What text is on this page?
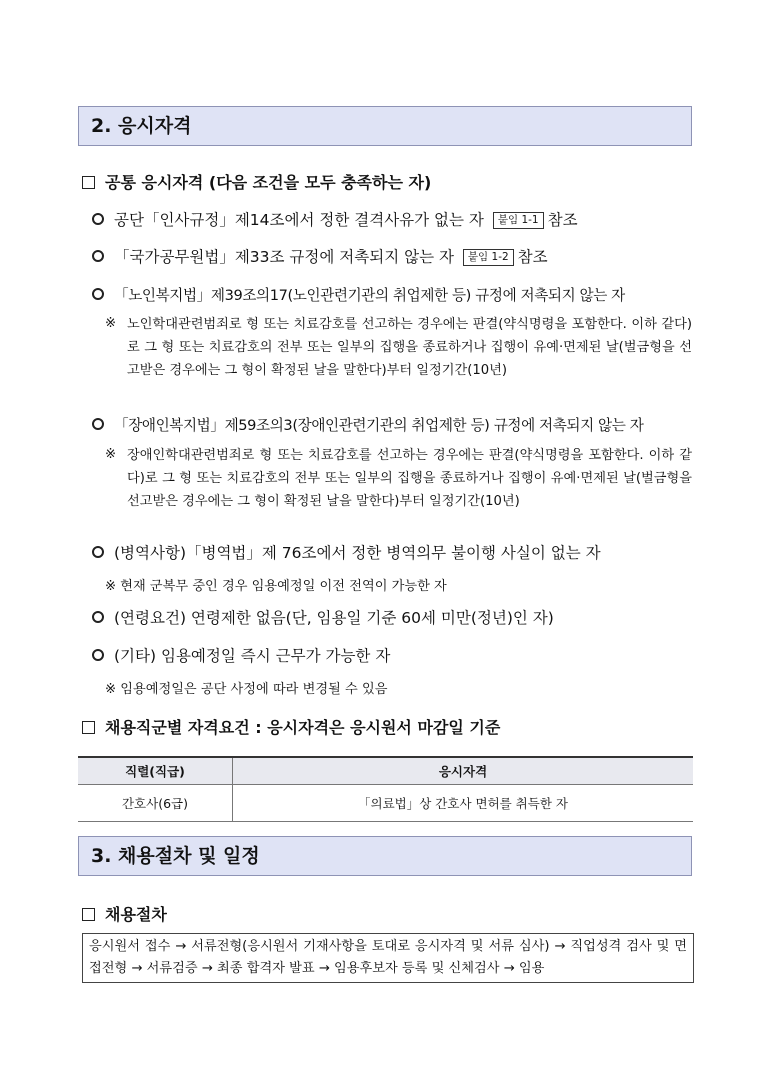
2. 응시자격
공통 응시자격 (다음 조건을 모두 충족하는 자)
공단「인사규정」제14조에서 정한 결격사유가 없는 자 붙임 1-1 참조
「국가공무원법」제33조 규정에 저촉되지 않는 자 붙임 1-2 참조
「노인복지법」제39조의17(노인관련기관의 취업제한 등) 규정에 저촉되지 않는 자
※ 노인학대관련범죄로 형 또는 치료감호를 선고하는 경우에는 판결(약식명령을 포함한다. 이하 같다)로 그 형 또는 치료감호의 전부 또는 일부의 집행을 종료하거나 집행이 유예·면제된 날(벌금형을 선고받은 경우에는 그 형이 확정된 날을 말한다)부터 일정기간(10년)
「장애인복지법」제59조의3(장애인관련기관의 취업제한 등) 규정에 저촉되지 않는 자
※ 장애인학대관련범죄로 형 또는 치료감호를 선고하는 경우에는 판결(약식명령을 포함한다. 이하 같다)로 그 형 또는 치료감호의 전부 또는 일부의 집행을 종료하거나 집행이 유예·면제된 날(벌금형을 선고받은 경우에는 그 형이 확정된 날을 말한다)부터 일정기간(10년)
(병역사항)「병역법」제 76조에서 정한 병역의무 불이행 사실이 없는 자
※ 현재 군복무 중인 경우 임용예정일 이전 전역이 가능한 자
(연령요건) 연령제한 없음(단, 임용일 기준 60세 미만(정년)인 자)
(기타) 임용예정일 즉시 근무가 가능한 자
※ 임용예정일은 공단 사정에 따라 변경될 수 있음
채용직군별 자격요건 : 응시자격은 응시원서 마감일 기준
직렬(직급)	응시자격
간호사(6급)	「의료법」상 간호사 면허를 취득한 자
3. 채용절차 및 일정
채용절차
응시원서 접수 → 서류전형(응시원서 기재사항을 토대로 응시자격 및 서류 심사) → 직업성격 검사 및 면접전형 → 서류검증 → 최종 합격자 발표 → 임용후보자 등록 및 신체검사 → 임용
